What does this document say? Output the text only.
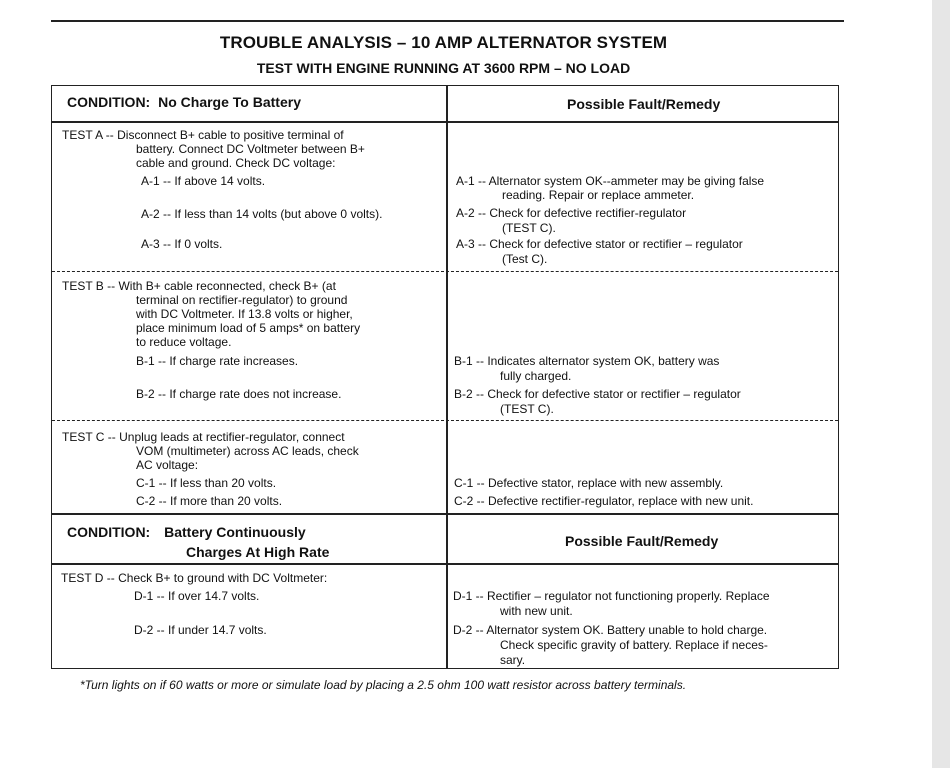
TROUBLE ANALYSIS – 10 AMP ALTERNATOR SYSTEM
TEST WITH ENGINE RUNNING AT 3600 RPM – NO LOAD
CONDITION: No Charge To Battery	Possible Fault/Remedy
TEST A -- Disconnect B+ cable to positive terminal of
battery. Connect DC Voltmeter between B+
cable and ground. Check DC voltage:
A-1 -- If above 14 volts.
A-2 -- If less than 14 volts (but above 0 volts).
A-3 -- If 0 volts.
A-1 -- Alternator system OK--ammeter may be giving false
reading. Repair or replace ammeter.
A-2 -- Check for defective rectifier-regulator
(TEST C).
A-3 -- Check for defective stator or rectifier – regulator
(Test C).
TEST B -- With B+ cable reconnected, check B+ (at
terminal on rectifier-regulator) to ground
with DC Voltmeter. If 13.8 volts or higher,
place minimum load of 5 amps* on battery
to reduce voltage.
B-1 -- If charge rate increases.
B-2 -- If charge rate does not increase.
B-1 -- Indicates alternator system OK, battery was
fully charged.
B-2 -- Check for defective stator or rectifier – regulator
(TEST C).
TEST C -- Unplug leads at rectifier-regulator, connect
VOM (multimeter) across AC leads, check
AC voltage:
C-1 -- If less than 20 volts.
C-2 -- If more than 20 volts.
C-1 -- Defective stator, replace with new assembly.
C-2 -- Defective rectifier-regulator, replace with new unit.
CONDITION: Battery Continuously
Charges At High Rate
Possible Fault/Remedy
TEST D -- Check B+ to ground with DC Voltmeter:
D-1 -- If over 14.7 volts.
D-2 -- If under 14.7 volts.
D-1 -- Rectifier – regulator not functioning properly. Replace
with new unit.
D-2 -- Alternator system OK. Battery unable to hold charge.
Check specific gravity of battery. Replace if neces-
sary.
*Turn lights on if 60 watts or more or simulate load by placing a 2.5 ohm 100 watt resistor across battery terminals.
